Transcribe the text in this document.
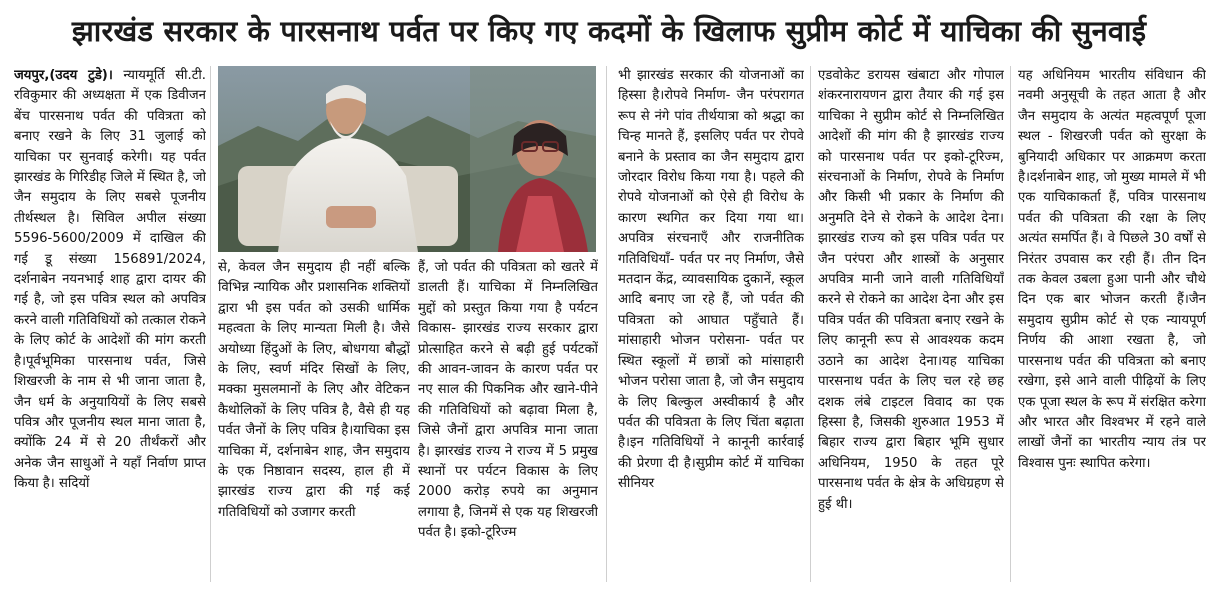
झारखंड सरकार के पारसनाथ पर्वत पर किए गए कदमों के खिलाफ सुप्रीम कोर्ट में याचिका की सुनवाई

जयपुर,(उदय टुडे)। न्यायमूर्ति सी.टी. रविकुमार की अध्यक्षता में एक डिवीजन बेंच पारसनाथ पर्वत की पवित्रता को बनाए रखने के लिए 31 जुलाई को याचिका पर सुनवाई करेगी। यह पर्वत झारखंड के गिरिडीह जिले में स्थित है, जो जैन समुदाय के लिए सबसे पूजनीय तीर्थस्थल है। सिविल अपील संख्या 5596-5600/2009 में दाखिल की गई डू संख्या 156891/2024, दर्शनाबेन नयनभाई शाह द्वारा दायर की गई है, जो इस पवित्र स्थल को अपवित्र करने वाली गतिविधियों को तत्काल रोकने के लिए कोर्ट के आदेशों की मांग करती है।पूर्वभूमिका पारसनाथ पर्वत, जिसे शिखरजी के नाम से भी जाना जाता है, जैन धर्म के अनुयायियों के लिए सबसे पवित्र और पूजनीय स्थल माना जाता है, क्योंकि 24 में से 20 तीर्थंकरों और अनेक जैन साधुओं ने यहाँ निर्वाण प्राप्त किया है। सदियों

से, केवल जैन समुदाय ही नहीं बल्कि विभिन्न न्यायिक और प्रशासनिक शक्तियों द्वारा भी इस पर्वत को उसकी धार्मिक महत्वता के लिए मान्यता मिली है। जैसे अयोध्या हिंदुओं के लिए, बोधगया बौद्धों के लिए, स्वर्ण मंदिर सिखों के लिए, मक्का मुसलमानों के लिए और वेटिकन कैथोलिकों के लिए पवित्र है, वैसे ही यह पर्वत जैनों के लिए पवित्र है।याचिका इस याचिका में, दर्शनाबेन शाह, जैन समुदाय के एक निष्ठावान सदस्य, हाल ही में झारखंड राज्य द्वारा की गई कई गतिविधियों को उजागर करती

हैं, जो पर्वत की पवित्रता को खतरे में डालती हैं। याचिका में निम्नलिखित मुद्दों को प्रस्तुत किया गया है पर्यटन विकास- झारखंड राज्य सरकार द्वारा प्रोत्साहित करने से बढ़ी हुई पर्यटकों की आवन-जावन के कारण पर्वत पर नए साल की पिकनिक और खाने-पीने की गतिविधियों को बढ़ावा मिला है, जिसे जैनों द्वारा अपवित्र माना जाता है। झारखंड राज्य ने राज्य में 5 प्रमुख स्थानों पर पर्यटन विकास के लिए 2000 करोड़ रुपये का अनुमान लगाया है, जिनमें से एक यह शिखरजी पर्वत है। इको-टूरिज्म

भी झारखंड सरकार की योजनाओं का हिस्सा है।रोपवे निर्माण- जैन परंपरागत रूप से नंगे पांव तीर्थयात्रा को श्रद्धा का चिन्ह मानते हैं, इसलिए पर्वत पर रोपवे बनाने के प्रस्ताव का जैन समुदाय द्वारा जोरदार विरोध किया गया है। पहले की रोपवे योजनाओं को ऐसे ही विरोध के कारण स्थगित कर दिया गया था।अपवित्र संरचनाएँ और राजनीतिक गतिविधियाँ- पर्वत पर नए निर्माण, जैसे मतदान केंद्र, व्यावसायिक दुकानें, स्कूल आदि बनाए जा रहे हैं, जो पर्वत की पवित्रता को आघात पहुँचाते हैं।मांसाहारी भोजन परोसना- पर्वत पर स्थित स्कूलों में छात्रों को मांसाहारी भोजन परोसा जाता है, जो जैन समुदाय के लिए बिल्कुल अस्वीकार्य है और पर्वत की पवित्रता के लिए चिंता बढ़ाता है।इन गतिविधियों ने कानूनी कार्रवाई की प्रेरणा दी है।सुप्रीम कोर्ट में याचिका सीनियर

एडवोकेट डरायस खंबाटा और गोपाल शंकरनारायणन द्वारा तैयार की गई इस याचिका ने सुप्रीम कोर्ट से निम्नलिखित आदेशों की मांग की है झारखंड राज्य को पारसनाथ पर्वत पर इको-टूरिज्म, संरचनाओं के निर्माण, रोपवे के निर्माण और किसी भी प्रकार के निर्माण की अनुमति देने से रोकने के आदेश देना।झारखंड राज्य को इस पवित्र पर्वत पर जैन परंपरा और शास्त्रों के अनुसार अपवित्र मानी जाने वाली गतिविधियाँ करने से रोकने का आदेश देना और इस पवित्र पर्वत की पवित्रता बनाए रखने के लिए कानूनी रूप से आवश्यक कदम उठाने का आदेश देना।यह याचिका पारसनाथ पर्वत के लिए चल रहे छह दशक लंबे टाइटल विवाद का एक हिस्सा है, जिसकी शुरुआत 1953 में बिहार राज्य द्वारा बिहार भूमि सुधार अधिनियम, 1950 के तहत पूरे पारसनाथ पर्वत के क्षेत्र के अधिग्रहण से हुई थी।

यह अधिनियम भारतीय संविधान की नवमी अनुसूची के तहत आता है और जैन समुदाय के अत्यंत महत्वपूर्ण पूजा स्थल - शिखरजी पर्वत को सुरक्षा के बुनियादी अधिकार पर आक्रमण करता है।दर्शनाबेन शाह, जो मुख्य मामले में भी एक याचिकाकर्ता हैं, पवित्र पारसनाथ पर्वत की पवित्रता की रक्षा के लिए अत्यंत समर्पित हैं। वे पिछले 30 वर्षों से निरंतर उपवास कर रही हैं। तीन दिन तक केवल उबला हुआ पानी और चौथे दिन एक बार भोजन करती हैं।जैन समुदाय सुप्रीम कोर्ट से एक न्यायपूर्ण निर्णय की आशा रखता है, जो पारसनाथ पर्वत की पवित्रता को बनाए रखेगा, इसे आने वाली पीढ़ियों के लिए एक पूजा स्थल के रूप में संरक्षित करेगा और भारत और विश्वभर में रहने वाले लाखों जैनों का भारतीय न्याय तंत्र पर विश्वास पुनः स्थापित करेगा।
